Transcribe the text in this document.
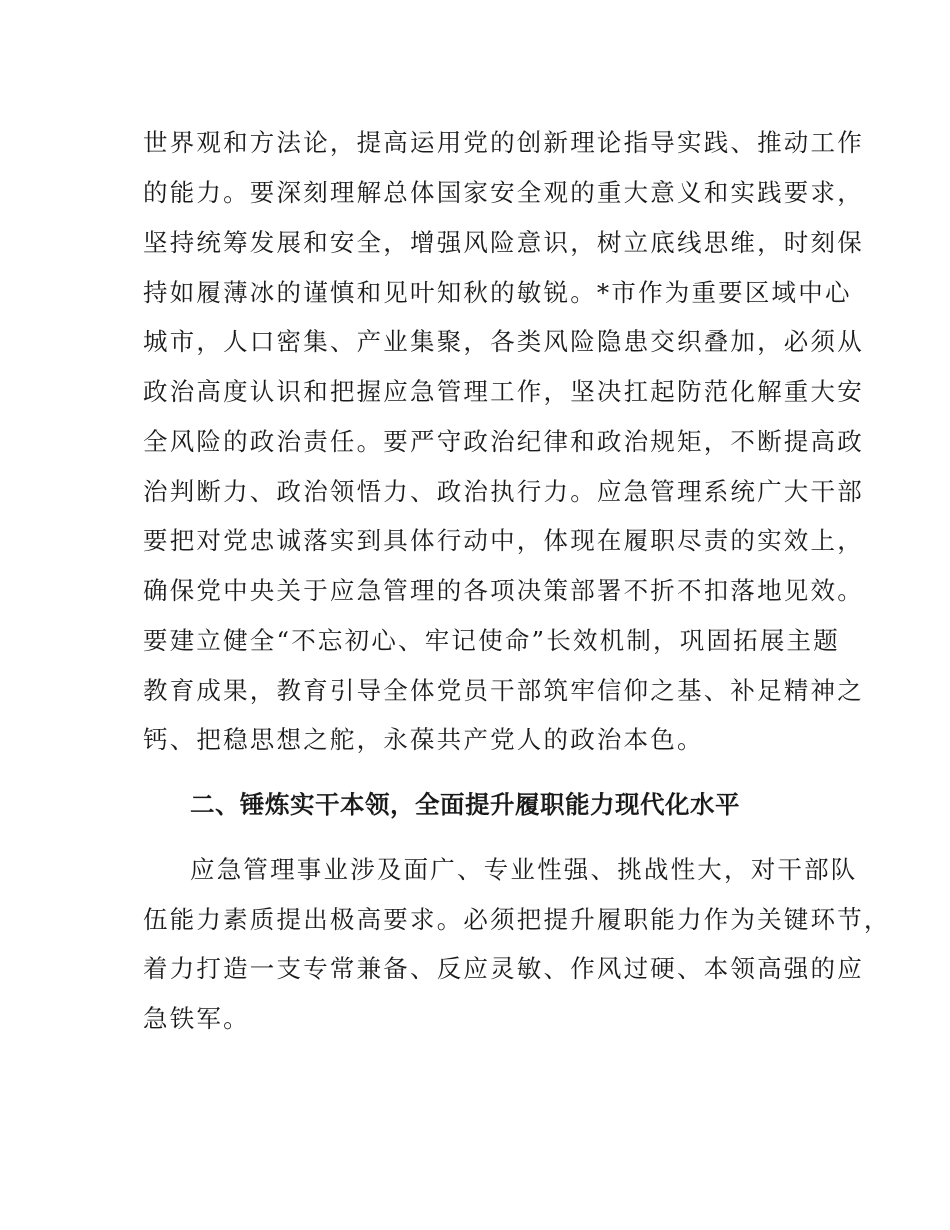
世界观和方法论，提高运用党的创新理论指导实践、推动工作
的能力。要深刻理解总体国家安全观的重大意义和实践要求，
坚持统筹发展和安全，增强风险意识，树立底线思维，时刻保
持如履薄冰的谨慎和见叶知秋的敏锐。*市作为重要区域中心
城市，人口密集、产业集聚，各类风险隐患交织叠加，必须从
政治高度认识和把握应急管理工作，坚决扛起防范化解重大安
全风险的政治责任。要严守政治纪律和政治规矩，不断提高政
治判断力、政治领悟力、政治执行力。应急管理系统广大干部
要把对党忠诚落实到具体行动中，体现在履职尽责的实效上，
确保党中央关于应急管理的各项决策部署不折不扣落地见效。
要建立健全“不忘初心、牢记使命”长效机制，巩固拓展主题
教育成果，教育引导全体党员干部筑牢信仰之基、补足精神之
钙、把稳思想之舵，永葆共产党人的政治本色。
二、锤炼实干本领，全面提升履职能力现代化水平
应急管理事业涉及面广、专业性强、挑战性大，对干部队
伍能力素质提出极高要求。必须把提升履职能力作为关键环节，
着力打造一支专常兼备、反应灵敏、作风过硬、本领高强的应
急铁军。
